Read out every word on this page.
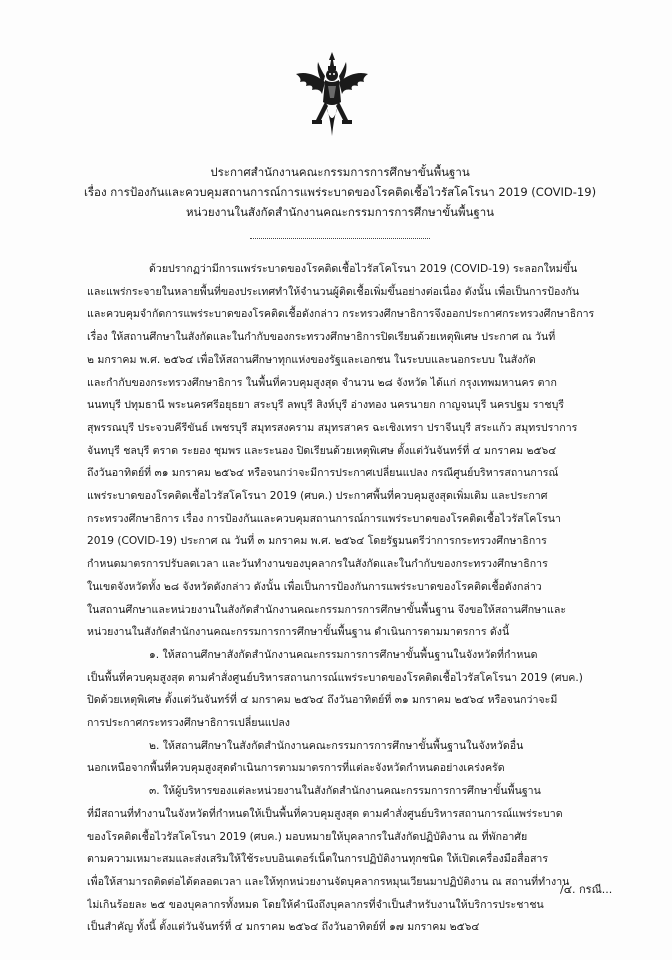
ประกาศสำนักงานคณะกรรมการการศึกษาขั้นพื้นฐาน
เรื่อง การป้องกันและควบคุมสถานการณ์การแพร่ระบาดของโรคติดเชื้อไวรัสโคโรนา 2019 (COVID-19)
หน่วยงานในสังกัดสำนักงานคณะกรรมการการศึกษาขั้นพื้นฐาน
ด้วยปรากฏว่ามีการแพร่ระบาดของโรคติดเชื้อไวรัสโคโรนา 2019 (COVID-19) ระลอกใหม่ขึ้น
และแพร่กระจายในหลายพื้นที่ของประเทศทำให้จำนวนผู้ติดเชื้อเพิ่มขึ้นอย่างต่อเนื่อง ดังนั้น เพื่อเป็นการป้องกัน
และควบคุมจำกัดการแพร่ระบาดของโรคติดเชื้อดังกล่าว กระทรวงศึกษาธิการจึงออกประกาศกระทรวงศึกษาธิการ
เรื่อง ให้สถานศึกษาในสังกัดและในกำกับของกระทรวงศึกษาธิการปิดเรียนด้วยเหตุพิเศษ ประกาศ ณ วันที่
๒ มกราคม พ.ศ. ๒๕๖๔ เพื่อให้สถานศึกษาทุกแห่งของรัฐและเอกชน ในระบบและนอกระบบ ในสังกัด
และกำกับของกระทรวงศึกษาธิการ ในพื้นที่ควบคุมสูงสุด จำนวน ๒๘ จังหวัด ได้แก่ กรุงเทพมหานคร ตาก
นนทบุรี ปทุมธานี พระนครศรีอยุธยา สระบุรี ลพบุรี สิงห์บุรี อ่างทอง นครนายก กาญจนบุรี นครปฐม ราชบุรี
สุพรรณบุรี ประจวบคีรีขันธ์ เพชรบุรี สมุทรสงคราม สมุทรสาคร ฉะเชิงเทรา ปราจีนบุรี สระแก้ว สมุทรปราการ
จันทบุรี ชลบุรี ตราด ระยอง ชุมพร และระนอง ปิดเรียนด้วยเหตุพิเศษ ตั้งแต่วันจันทร์ที่ ๔ มกราคม ๒๕๖๔
ถึงวันอาทิตย์ที่ ๓๑ มกราคม ๒๕๖๔ หรือจนกว่าจะมีการประกาศเปลี่ยนแปลง กรณีศูนย์บริหารสถานการณ์
แพร่ระบาดของโรคติดเชื้อไวรัสโคโรนา 2019 (ศบค.) ประกาศพื้นที่ควบคุมสูงสุดเพิ่มเติม และประกาศ
กระทรวงศึกษาธิการ เรื่อง การป้องกันและควบคุมสถานการณ์การแพร่ระบาดของโรคติดเชื้อไวรัสโคโรนา
2019 (COVID-19) ประกาศ ณ วันที่ ๓ มกราคม พ.ศ. ๒๕๖๔ โดยรัฐมนตรีว่าการกระทรวงศึกษาธิการ
กำหนดมาตรการปรับลดเวลา และวันทำงานของบุคลากรในสังกัดและในกำกับของกระทรวงศึกษาธิการ
ในเขตจังหวัดทั้ง ๒๘ จังหวัดดังกล่าว ดังนั้น เพื่อเป็นการป้องกันการแพร่ระบาดของโรคติดเชื้อดังกล่าว
ในสถานศึกษาและหน่วยงานในสังกัดสำนักงานคณะกรรมการการศึกษาขั้นพื้นฐาน จึงขอให้สถานศึกษาและ
หน่วยงานในสังกัดสำนักงานคณะกรรมการการศึกษาขั้นพื้นฐาน ดำเนินการตามมาตรการ ดังนี้
๑. ให้สถานศึกษาสังกัดสำนักงานคณะกรรมการการศึกษาขั้นพื้นฐานในจังหวัดที่กำหนด
เป็นพื้นที่ควบคุมสูงสุด ตามคำสั่งศูนย์บริหารสถานการณ์แพร่ระบาดของโรคติดเชื้อไวรัสโคโรนา 2019 (ศบค.)
ปิดด้วยเหตุพิเศษ ตั้งแต่วันจันทร์ที่ ๔ มกราคม ๒๕๖๔ ถึงวันอาทิตย์ที่ ๓๑ มกราคม ๒๕๖๔ หรือจนกว่าจะมี
การประกาศกระทรวงศึกษาธิการเปลี่ยนแปลง
๒. ให้สถานศึกษาในสังกัดสำนักงานคณะกรรมการการศึกษาขั้นพื้นฐานในจังหวัดอื่น
นอกเหนือจากพื้นที่ควบคุมสูงสุดดำเนินการตามมาตรการที่แต่ละจังหวัดกำหนดอย่างเคร่งครัด
๓. ให้ผู้บริหารของแต่ละหน่วยงานในสังกัดสำนักงานคณะกรรมการการศึกษาขั้นพื้นฐาน
ที่มีสถานที่ทำงานในจังหวัดที่กำหนดให้เป็นพื้นที่ควบคุมสูงสุด ตามคำสั่งศูนย์บริหารสถานการณ์แพร่ระบาด
ของโรคติดเชื้อไวรัสโคโรนา 2019 (ศบค.) มอบหมายให้บุคลากรในสังกัดปฏิบัติงาน ณ ที่พักอาศัย
ตามความเหมาะสมและส่งเสริมให้ใช้ระบบอินเตอร์เน็ตในการปฏิบัติงานทุกชนิด ให้เปิดเครื่องมือสื่อสาร
เพื่อให้สามารถติดต่อได้ตลอดเวลา และให้ทุกหน่วยงานจัดบุคลากรหมุนเวียนมาปฏิบัติงาน ณ สถานที่ทำงาน
ไม่เกินร้อยละ ๒๕ ของบุคลากรทั้งหมด โดยให้คำนึงถึงบุคลากรที่จำเป็นสำหรับงานให้บริการประชาชน
เป็นสำคัญ ทั้งนี้ ตั้งแต่วันจันทร์ที่ ๔ มกราคม ๒๕๖๔ ถึงวันอาทิตย์ที่ ๑๗ มกราคม ๒๕๖๔
/๔. กรณี...
